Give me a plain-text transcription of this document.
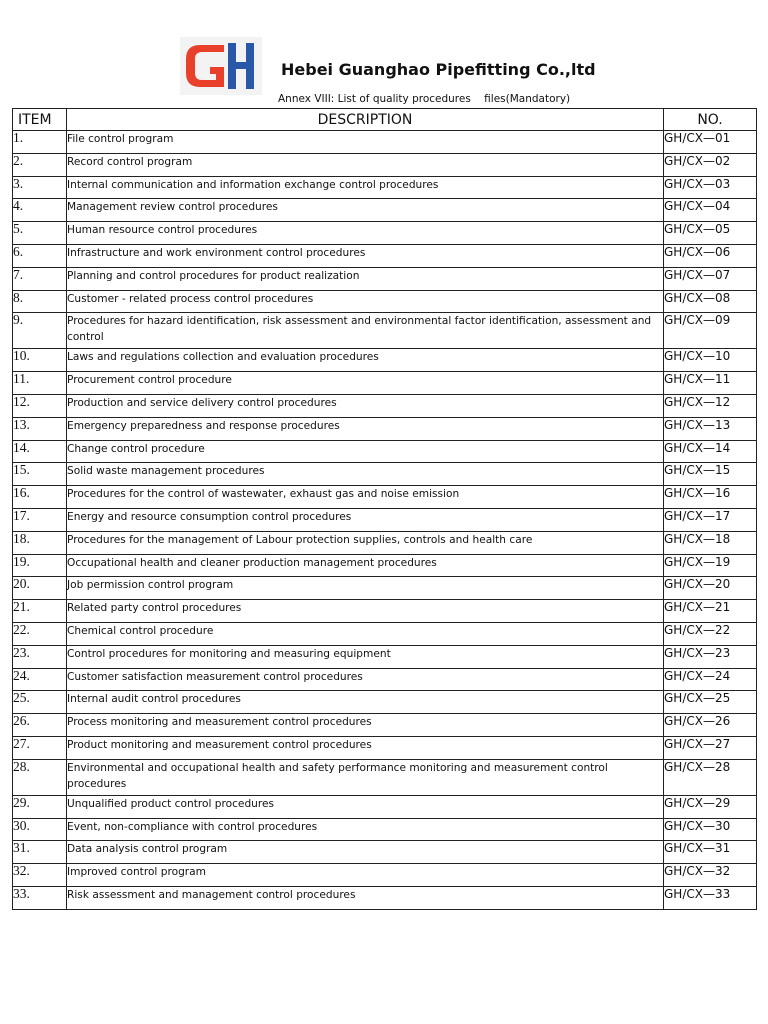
Hebei Guanghao Pipefitting Co.,ltd
Annex VIII: List of quality procedures    files(Mandatory)
ITEM	DESCRIPTION	NO.
1.	File control program	GH/CX—01
2.	Record control program	GH/CX—02
3.	Internal communication and information exchange control procedures	GH/CX—03
4.	Management review control procedures	GH/CX—04
5.	Human resource control procedures	GH/CX—05
6.	Infrastructure and work environment control procedures	GH/CX—06
7.	Planning and control procedures for product realization	GH/CX—07
8.	Customer - related process control procedures	GH/CX—08
9.	Procedures for hazard identification, risk assessment and environmental factor identification, assessment and control	GH/CX—09
10.	Laws and regulations collection and evaluation procedures	GH/CX—10
11.	Procurement control procedure	GH/CX—11
12.	Production and service delivery control procedures	GH/CX—12
13.	Emergency preparedness and response procedures	GH/CX—13
14.	Change control procedure	GH/CX—14
15.	Solid waste management procedures	GH/CX—15
16.	Procedures for the control of wastewater, exhaust gas and noise emission	GH/CX—16
17.	Energy and resource consumption control procedures	GH/CX—17
18.	Procedures for the management of Labour protection supplies, controls and health care	GH/CX—18
19.	Occupational health and cleaner production management procedures	GH/CX—19
20.	Job permission control program	GH/CX—20
21.	Related party control procedures	GH/CX—21
22.	Chemical control procedure	GH/CX—22
23.	Control procedures for monitoring and measuring equipment	GH/CX—23
24.	Customer satisfaction measurement control procedures	GH/CX—24
25.	Internal audit control procedures	GH/CX—25
26.	Process monitoring and measurement control procedures	GH/CX—26
27.	Product monitoring and measurement control procedures	GH/CX—27
28.	Environmental and occupational health and safety performance monitoring and measurement control procedures	GH/CX—28
29.	Unqualified product control procedures	GH/CX—29
30.	Event, non-compliance with control procedures	GH/CX—30
31.	Data analysis control program	GH/CX—31
32.	Improved control program	GH/CX—32
33.	Risk assessment and management control procedures	GH/CX—33
